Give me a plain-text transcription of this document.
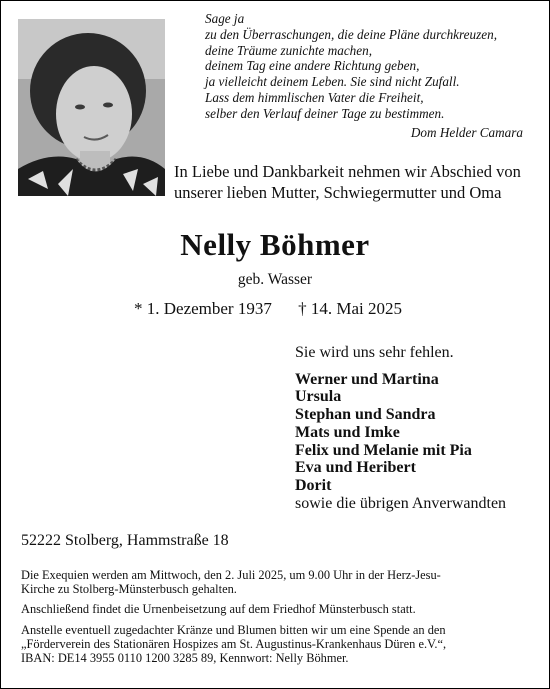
Sage ja
zu den Überraschungen, die deine Pläne durchkreuzen,
deine Träume zunichte machen,
deinem Tag eine andere Richtung geben,
ja vielleicht deinem Leben. Sie sind nicht Zufall.
Lass dem himmlischen Vater die Freiheit,
selber den Verlauf deiner Tage zu bestimmen.
Dom Helder Camara
In Liebe und Dankbarkeit nehmen wir Abschied von
unserer lieben Mutter, Schwiegermutter und Oma
Nelly Böhmer
geb. Wasser
* 1. Dezember 1937 † 14. Mai 2025
Sie wird uns sehr fehlen.
Werner und Martina
Ursula
Stephan und Sandra
Mats und Imke
Felix und Melanie mit Pia
Eva und Heribert
Dorit
sowie die übrigen Anverwandten
52222 Stolberg, Hammstraße 18

Die Exequien werden am Mittwoch, den 2. Juli 2025, um 9.00 Uhr in der Herz-Jesu-
Kirche zu Stolberg-Münsterbusch gehalten.

Anschließend findet die Urnenbeisetzung auf dem Friedhof Münsterbusch statt.

Anstelle eventuell zugedachter Kränze und Blumen bitten wir um eine Spende an den
„Förderverein des Stationären Hospizes am St. Augustinus-Krankenhaus Düren e.V.“,
IBAN: DE14 3955 0110 1200 3285 89, Kennwort: Nelly Böhmer.
